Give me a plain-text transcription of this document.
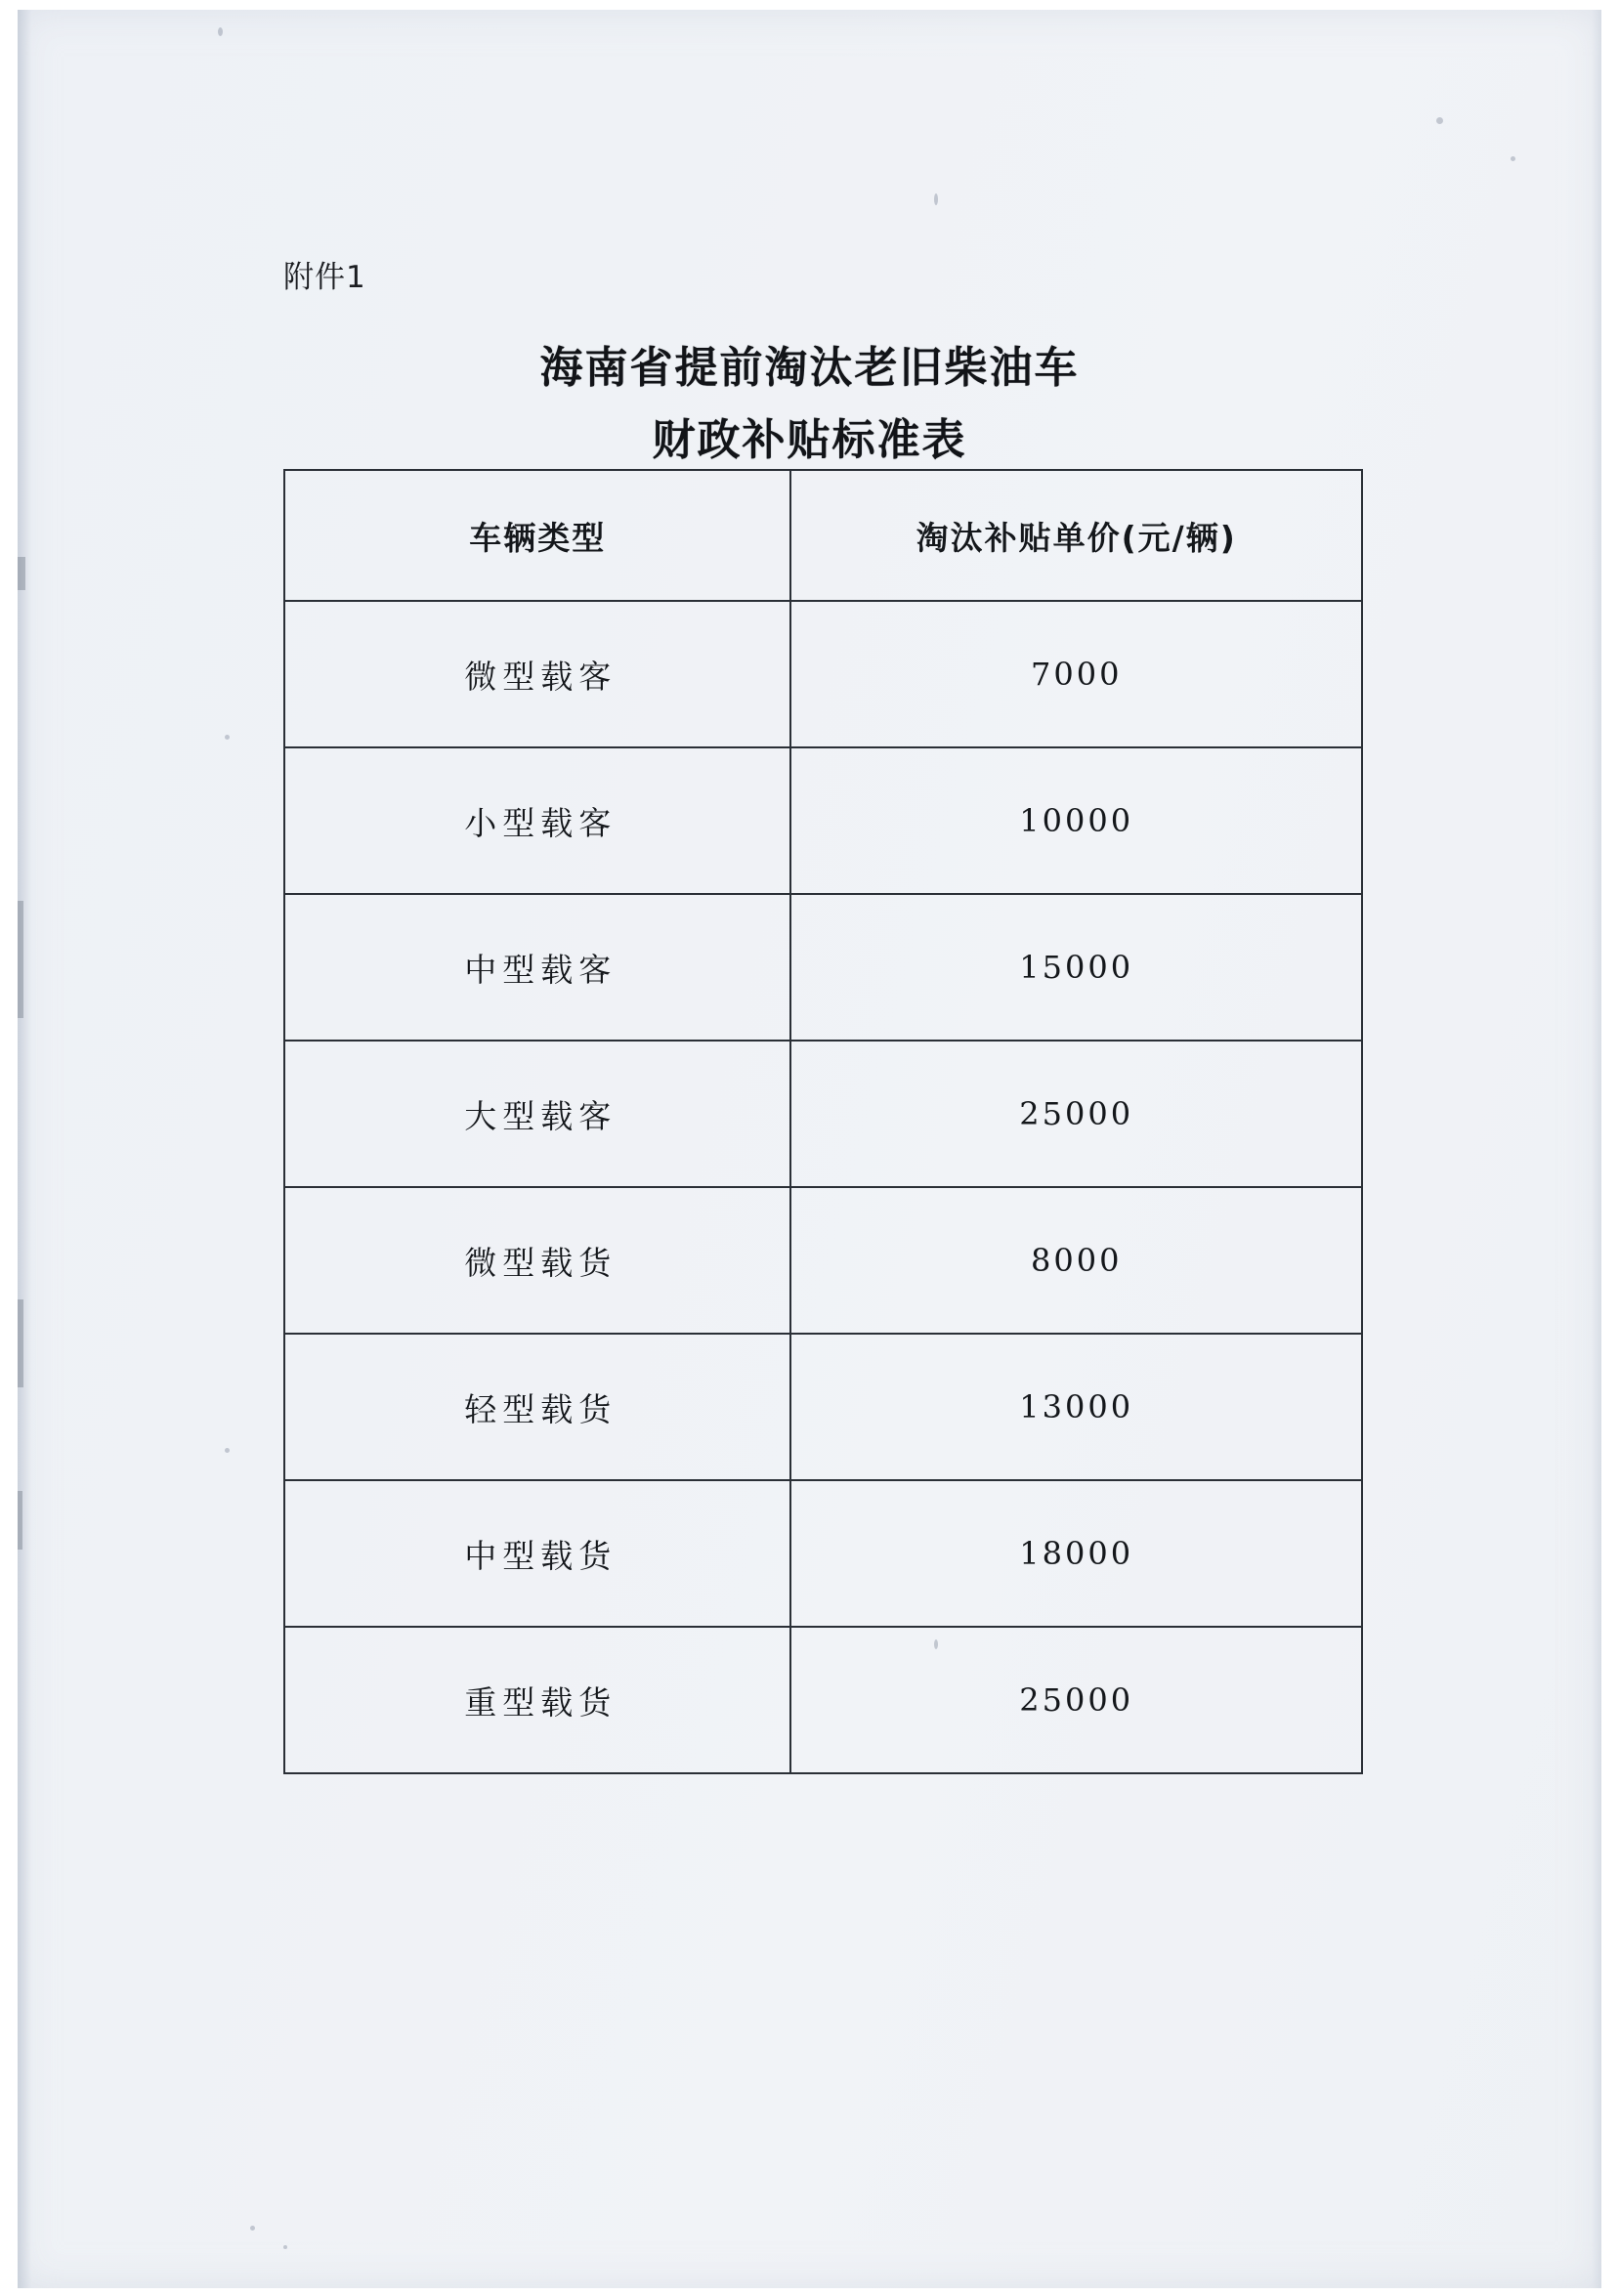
附件1
海南省提前淘汰老旧柴油车
财政补贴标准表
车辆类型	淘汰补贴单价(元/辆)
微型载客	7000
小型载客	10000
中型载客	15000
大型载客	25000
微型载货	8000
轻型载货	13000
中型载货	18000
重型载货	25000
